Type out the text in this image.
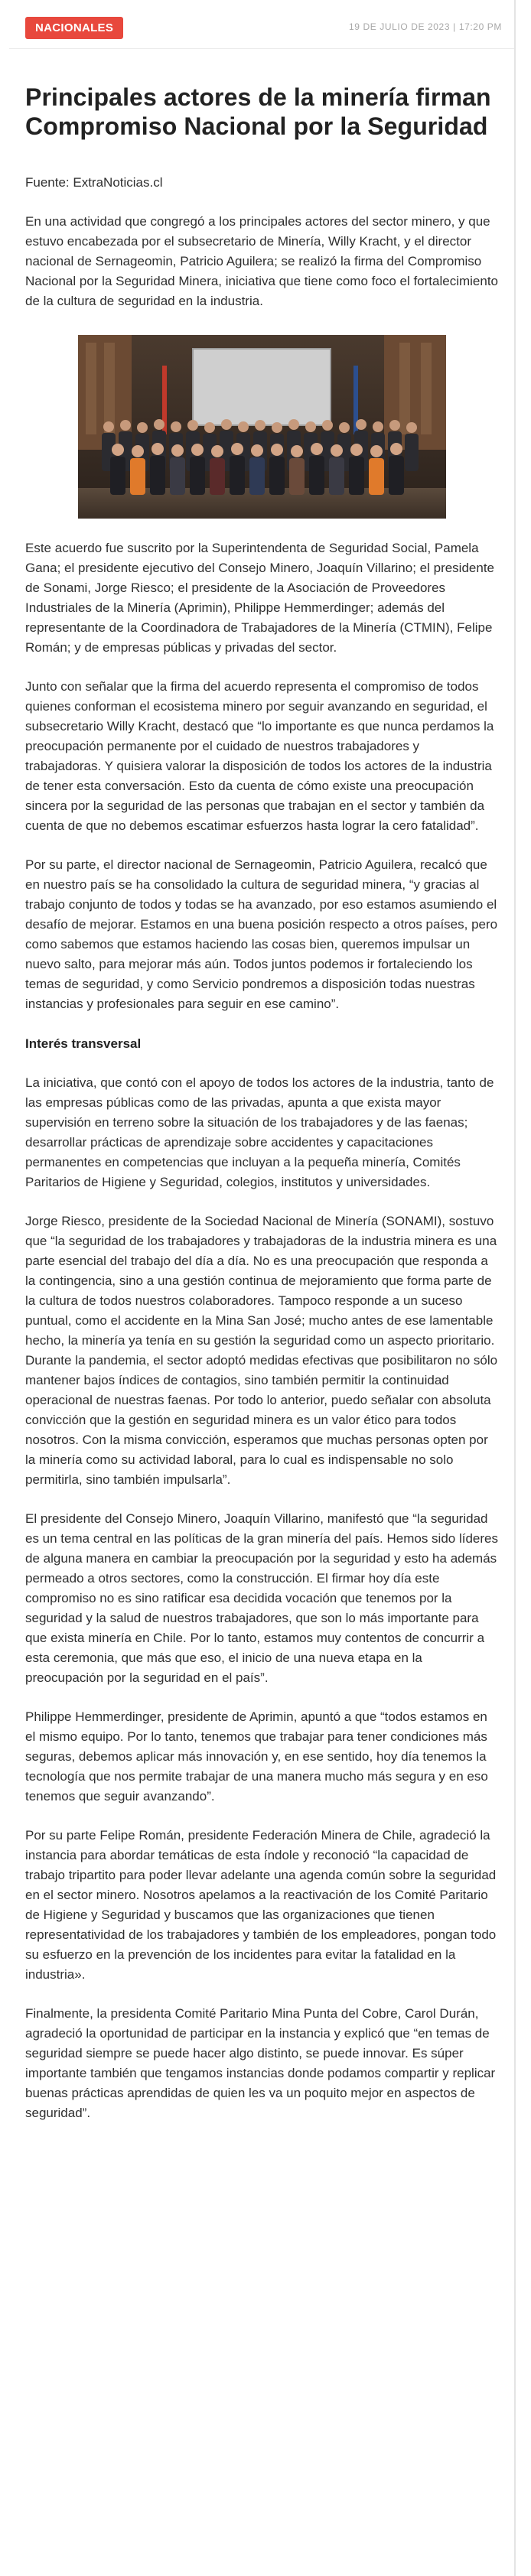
NACIONALES	19 DE JULIO DE 2023 | 17:20 PM
Principales actores de la minería firman Compromiso Nacional por la Seguridad

Fuente: ExtraNoticias.cl

En una actividad que congregó a los principales actores del sector minero, y que estuvo encabezada por el subsecretario de Minería, Willy Kracht, y el director nacional de Sernageomin, Patricio Aguilera; se realizó la firma del Compromiso Nacional por la Seguridad Minera, iniciativa que tiene como foco el fortalecimiento de la cultura de seguridad en la industria.

Este acuerdo fue suscrito por la Superintendenta de Seguridad Social, Pamela Gana; el presidente ejecutivo del Consejo Minero, Joaquín Villarino; el presidente de Sonami, Jorge Riesco; el presidente de la Asociación de Proveedores Industriales de la Minería (Aprimin), Philippe Hemmerdinger; además del representante de la Coordinadora de Trabajadores de la Minería (CTMIN), Felipe Román; y de empresas públicas y privadas del sector.

Junto con señalar que la firma del acuerdo representa el compromiso de todos quienes conforman el ecosistema minero por seguir avanzando en seguridad, el subsecretario Willy Kracht, destacó que “lo importante es que nunca perdamos la preocupación permanente por el cuidado de nuestros trabajadores y trabajadoras. Y quisiera valorar la disposición de todos los actores de la industria de tener esta conversación. Esto da cuenta de cómo existe una preocupación sincera por la seguridad de las personas que trabajan en el sector y también da cuenta de que no debemos escatimar esfuerzos hasta lograr la cero fatalidad”.

Por su parte, el director nacional de Sernageomin, Patricio Aguilera, recalcó que en nuestro país se ha consolidado la cultura de seguridad minera, “y gracias al trabajo conjunto de todos y todas se ha avanzado, por eso estamos asumiendo el desafío de mejorar. Estamos en una buena posición respecto a otros países, pero como sabemos que estamos haciendo las cosas bien, queremos impulsar un nuevo salto, para mejorar más aún. Todos juntos podemos ir fortaleciendo los temas de seguridad, y como Servicio pondremos a disposición todas nuestras instancias y profesionales para seguir en ese camino”.

Interés transversal

La iniciativa, que contó con el apoyo de todos los actores de la industria, tanto de las empresas públicas como de las privadas, apunta a que exista mayor supervisión en terreno sobre la situación de los trabajadores y de las faenas; desarrollar prácticas de aprendizaje sobre accidentes y capacitaciones permanentes en competencias que incluyan a la pequeña minería, Comités Paritarios de Higiene y Seguridad, colegios, institutos y universidades.

Jorge Riesco, presidente de la Sociedad Nacional de Minería (SONAMI), sostuvo que “la seguridad de los trabajadores y trabajadoras de la industria minera es una parte esencial del trabajo del día a día. No es una preocupación que responda a la contingencia, sino a una gestión continua de mejoramiento que forma parte de la cultura de todos nuestros colaboradores. Tampoco responde a un suceso puntual, como el accidente en la Mina San José; mucho antes de ese lamentable hecho, la minería ya tenía en su gestión la seguridad como un aspecto prioritario. Durante la pandemia, el sector adoptó medidas efectivas que posibilitaron no sólo mantener bajos índices de contagios, sino también permitir la continuidad operacional de nuestras faenas. Por todo lo anterior, puedo señalar con absoluta convicción que la gestión en seguridad minera es un valor ético para todos nosotros. Con la misma convicción, esperamos que muchas personas opten por la minería como su actividad laboral, para lo cual es indispensable no solo permitirla, sino también impulsarla”.

El presidente del Consejo Minero, Joaquín Villarino, manifestó que “la seguridad es un tema central en las políticas de la gran minería del país. Hemos sido líderes de alguna manera en cambiar la preocupación por la seguridad y esto ha además permeado a otros sectores, como la construcción. El firmar hoy día este compromiso no es sino ratificar esa decidida vocación que tenemos por la seguridad y la salud de nuestros trabajadores, que son lo más importante para que exista minería en Chile. Por lo tanto, estamos muy contentos de concurrir a esta ceremonia, que más que eso, el inicio de una nueva etapa en la preocupación por la seguridad en el país”.

Philippe Hemmerdinger, presidente de Aprimin, apuntó a que “todos estamos en el mismo equipo. Por lo tanto, tenemos que trabajar para tener condiciones más seguras, debemos aplicar más innovación y, en ese sentido, hoy día tenemos la tecnología que nos permite trabajar de una manera mucho más segura y en eso tenemos que seguir avanzando”.

Por su parte Felipe Román, presidente Federación Minera de Chile, agradeció la instancia para abordar temáticas de esta índole y reconoció “la capacidad de trabajo tripartito para poder llevar adelante una agenda común sobre la seguridad en el sector minero. Nosotros apelamos a la reactivación de los Comité Paritario de Higiene y Seguridad y buscamos que las organizaciones que tienen representatividad de los trabajadores y también de los empleadores, pongan todo su esfuerzo en la prevención de los incidentes para evitar la fatalidad en la industria».

Finalmente, la presidenta Comité Paritario Mina Punta del Cobre, Carol Durán, agradeció la oportunidad de participar en la instancia y explicó que “en temas de seguridad siempre se puede hacer algo distinto, se puede innovar. Es súper importante también que tengamos instancias donde podamos compartir y replicar buenas prácticas aprendidas de quien les va un poquito mejor en aspectos de seguridad”.
